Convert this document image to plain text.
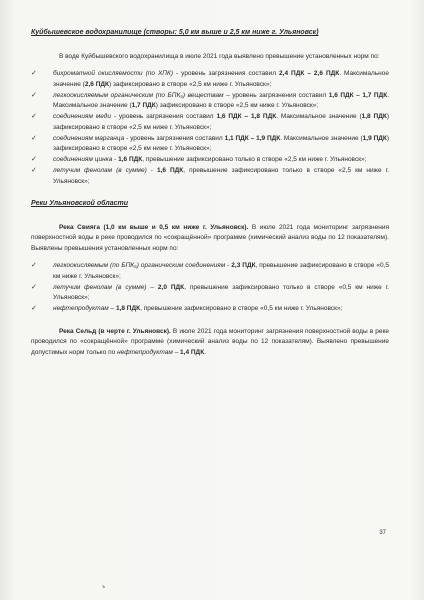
Куйбышевское водохранилище (створы: 5,0 км выше и 2,5 км ниже г. Ульяновск)

В воде Куйбышевского водохранилища в июле 2021 года выявлено превышение установленных норм по:

✓ бихроматной окисляемости (по ХПК) - уровень загрязнения составил 2,4 ПДК – 2,6 ПДК. Максимальное значение (2,6 ПДК) зафиксировано в створе «2,5 км ниже г. Ульяновск»;
✓ легкоокисляемым органическим (по БПК₅) веществам – уровень загрязнения составил 1,6 ПДК – 1,7 ПДК. Максимальное значение (1,7 ПДК) зафиксировано в створе «2,5 км ниже г. Ульяновск»;
✓ соединениям меди - уровень загрязнения составил 1,6 ПДК – 1,8 ПДК. Максимальное значение (1,8 ПДК) зафиксировано в створе «2,5 км ниже г. Ульяновск»;
✓ соединениям марганца - уровень загрязнения составил 1,1 ПДК – 1,9 ПДК. Максимальное значение (1,9 ПДК) зафиксировано в створе «2,5 км ниже г. Ульяновск»;
✓ соединениям цинка - 1,6 ПДК, превышение зафиксировано только в створе «2,5 км ниже г. Ульяновск»;
✓ летучим фенолам (в сумме) - 1,6 ПДК, превышение зафиксировано только в створе «2,5 км ниже г. Ульяновск»;

Реки Ульяновской области

Река Свияга (1,0 км выше и 0,5 км ниже г. Ульяновск). В июле 2021 года мониторинг загрязнения поверхностной воды в реке проводился по «сокращённой» программе (химический анализ воды по 12 показателям). Выявлены превышения установленных норм по:

✓ легкоокисляемым (по БПК₅) органическим соединениям - 2,3 ПДК, превышение зафиксировано в створе «0,5 км ниже г. Ульяновск»;
✓ летучим фенолам (в сумме) – 2,0 ПДК, превышение зафиксировано только в створе «0,5 км ниже г. Ульяновск»;
✓ нефтепродуктам – 1,8 ПДК, превышение зафиксировано в створе «0,5 км ниже г. Ульяновск»;

Река Сельд (в черте г. Ульяновск). В июле 2021 года мониторинг загрязнения поверхностной воды в реке проводился по «сокращённой» программе (химический анализ воды по 12 показателям). Выявлено превышение допустимых норм только по нефтепродуктам – 1,4 ПДК.

37
ъ
